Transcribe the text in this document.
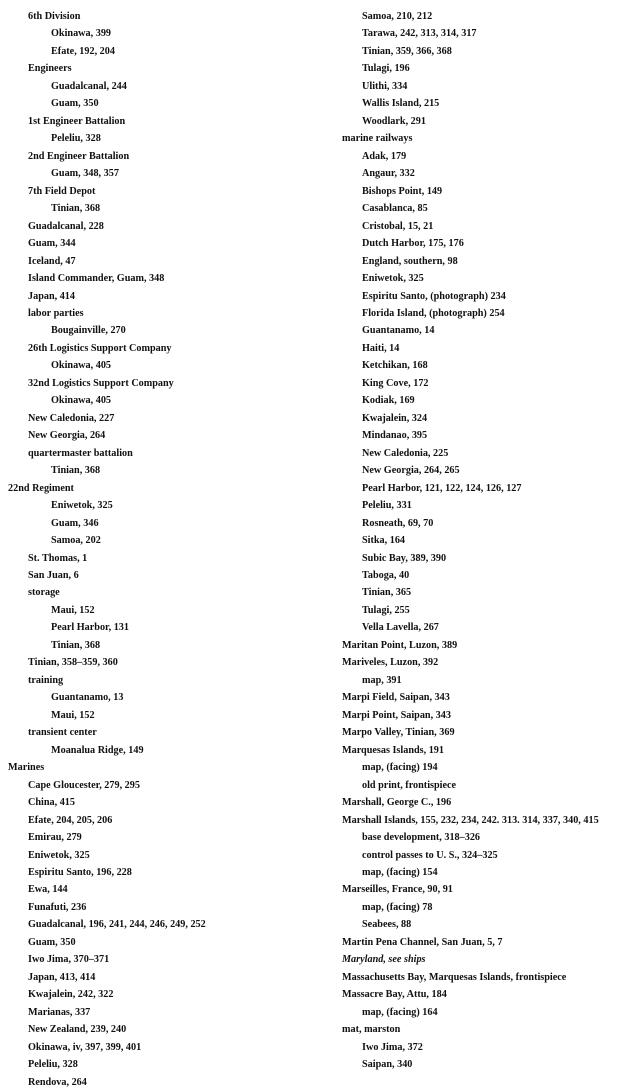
6th Division
Okinawa, 399
Efate, 192, 204
Engineers
Guadalcanal, 244
Guam, 350
1st Engineer Battalion
Peleliu, 328
2nd Engineer Battalion
Guam, 348, 357
7th Field Depot
Tinian, 368
Guadalcanal, 228
Guam, 344
Iceland, 47
Island Commander, Guam, 348
Japan, 414
labor parties
Bougainville, 270
26th Logistics Support Company
Okinawa, 405
32nd Logistics Support Company
Okinawa, 405
New Caledonia, 227
New Georgia, 264
quartermaster battalion
Tinian, 368
22nd Regiment
Eniwetok, 325
Guam, 346
Samoa, 202
St. Thomas, 1
San Juan, 6
storage
Maui, 152
Pearl Harbor, 131
Tinian, 368
Tinian, 358–359, 360
training
Guantanamo, 13
Maui, 152
transient center
Moanalua Ridge, 149
Marines
Cape Gloucester, 279, 295
China, 415
Efate, 204, 205, 206
Emirau, 279
Eniwetok, 325
Espiritu Santo, 196, 228
Ewa, 144
Funafuti, 236
Guadalcanal, 196, 241, 244, 246, 249, 252
Guam, 350
Iwo Jima, 370–371
Japan, 413, 414
Kwajalein, 242, 322
Marianas, 337
New Zealand, 239, 240
Okinawa, iv, 397, 399, 401
Peleliu, 328
Rendova, 264
Samoa, 210, 212
Tarawa, 242, 313, 314, 317
Tinian, 359, 366, 368
Tulagi, 196
Ulithi, 334
Wallis Island, 215
Woodlark, 291
marine railways
Adak, 179
Angaur, 332
Bishops Point, 149
Casablanca, 85
Cristobal, 15, 21
Dutch Harbor, 175, 176
England, southern, 98
Eniwetok, 325
Espiritu Santo, (photograph) 234
Florida Island, (photograph) 254
Guantanamo, 14
Haiti, 14
Ketchikan, 168
King Cove, 172
Kodiak, 169
Kwajalein, 324
Mindanao, 395
New Caledonia, 225
New Georgia, 264, 265
Pearl Harbor, 121, 122, 124, 126, 127
Peleliu, 331
Rosneath, 69, 70
Sitka, 164
Subic Bay, 389, 390
Taboga, 40
Tinian, 365
Tulagi, 255
Vella Lavella, 267
Maritan Point, Luzon, 389
Mariveles, Luzon, 392
map, 391
Marpi Field, Saipan, 343
Marpi Point, Saipan, 343
Marpo Valley, Tinian, 369
Marquesas Islands, 191
map, (facing) 194
old print, frontispiece
Marshall, George C., 196
Marshall Islands, 155, 232, 234, 242. 313. 314, 337, 340, 415
base development, 318–326
control passes to U. S., 324–325
map, (facing) 154
Marseilles, France, 90, 91
map, (facing) 78
Seabees, 88
Martin Pena Channel, San Juan, 5, 7
Maryland, see ships
Massachusetts Bay, Marquesas Islands, frontispiece
Massacre Bay, Attu, 184
map, (facing) 164
mat, marston
Iwo Jima, 372
Saipan, 340
